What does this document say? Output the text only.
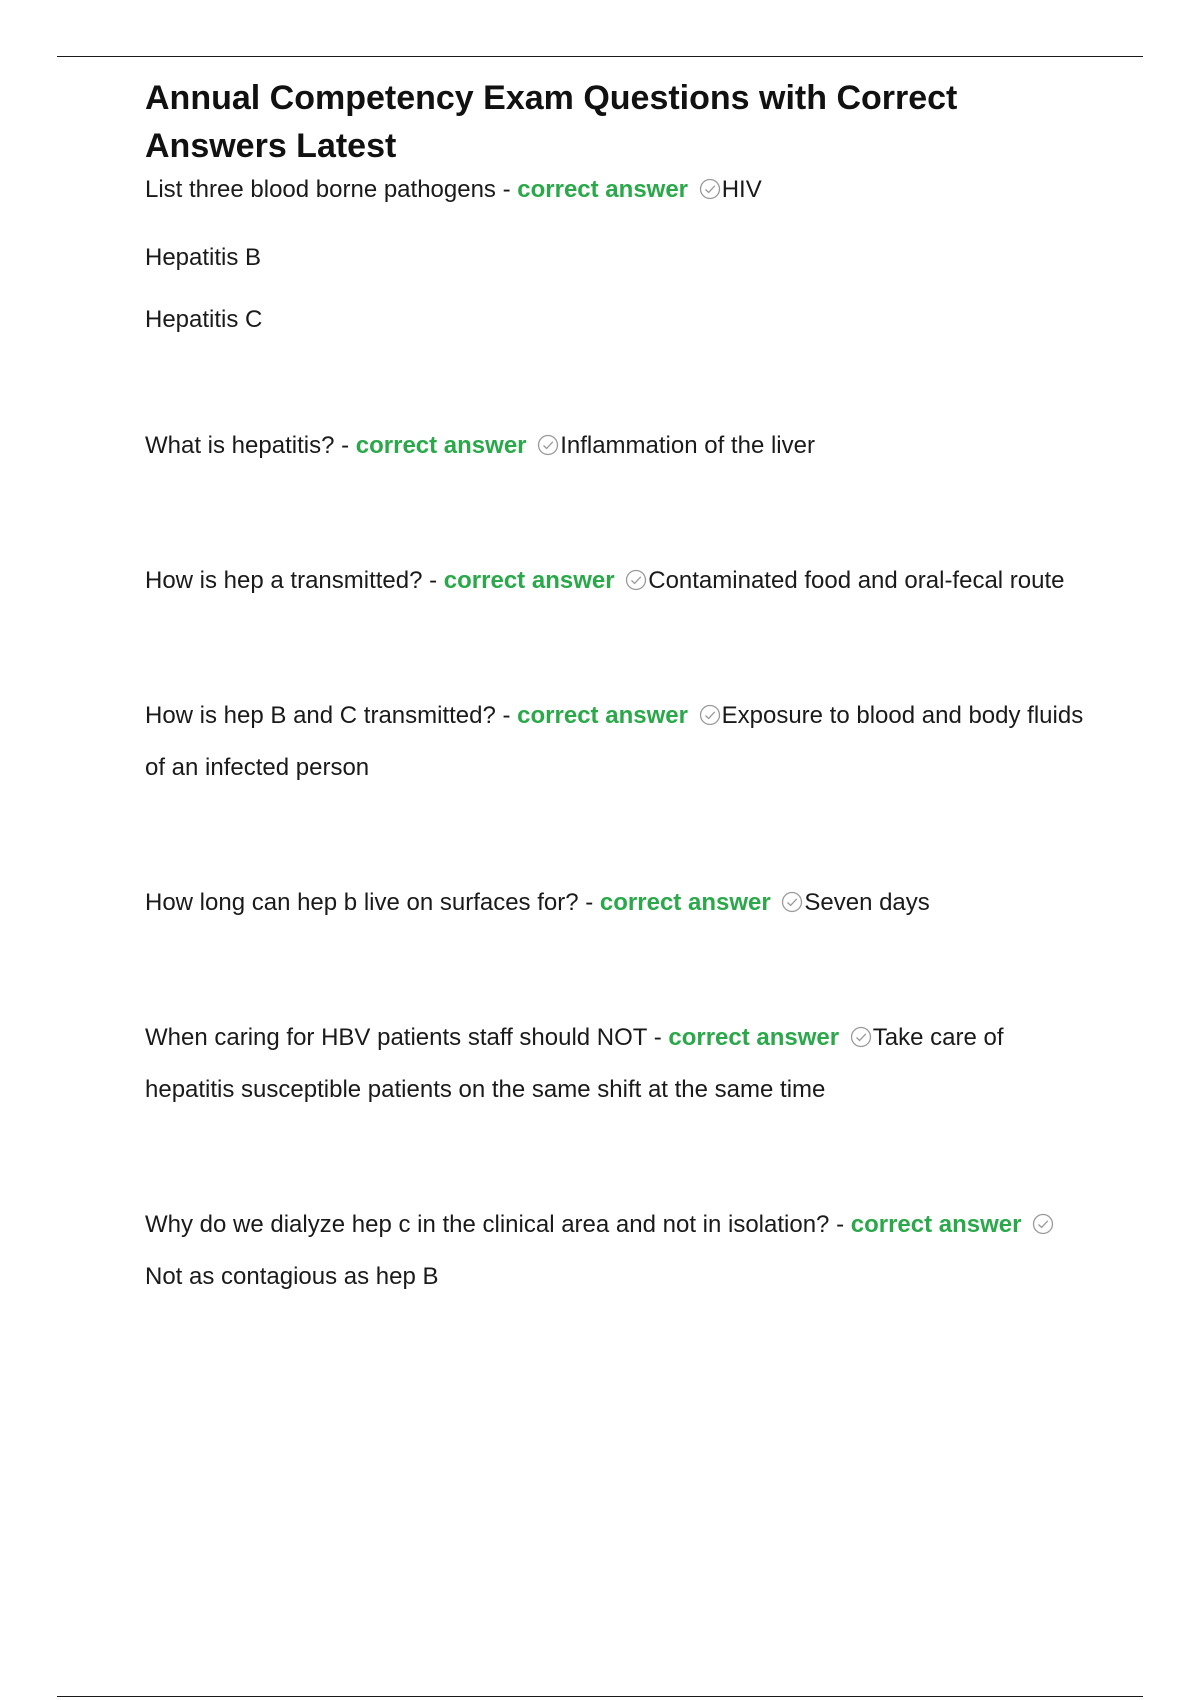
Annual Competency Exam Questions with Correct Answers Latest

List three blood borne pathogens - correct answer HIV

Hepatitis B

Hepatitis C

What is hepatitis? - correct answer Inflammation of the liver

How is hep a transmitted? - correct answer Contaminated food and oral-fecal route

How is hep B and C transmitted? - correct answer Exposure to blood and body fluids of an infected person

How long can hep b live on surfaces for? - correct answer Seven days

When caring for HBV patients staff should NOT - correct answer Take care of hepatitis susceptible patients on the same shift at the same time

Why do we dialyze hep c in the clinical area and not in isolation? - correct answer
Not as contagious as hep B
